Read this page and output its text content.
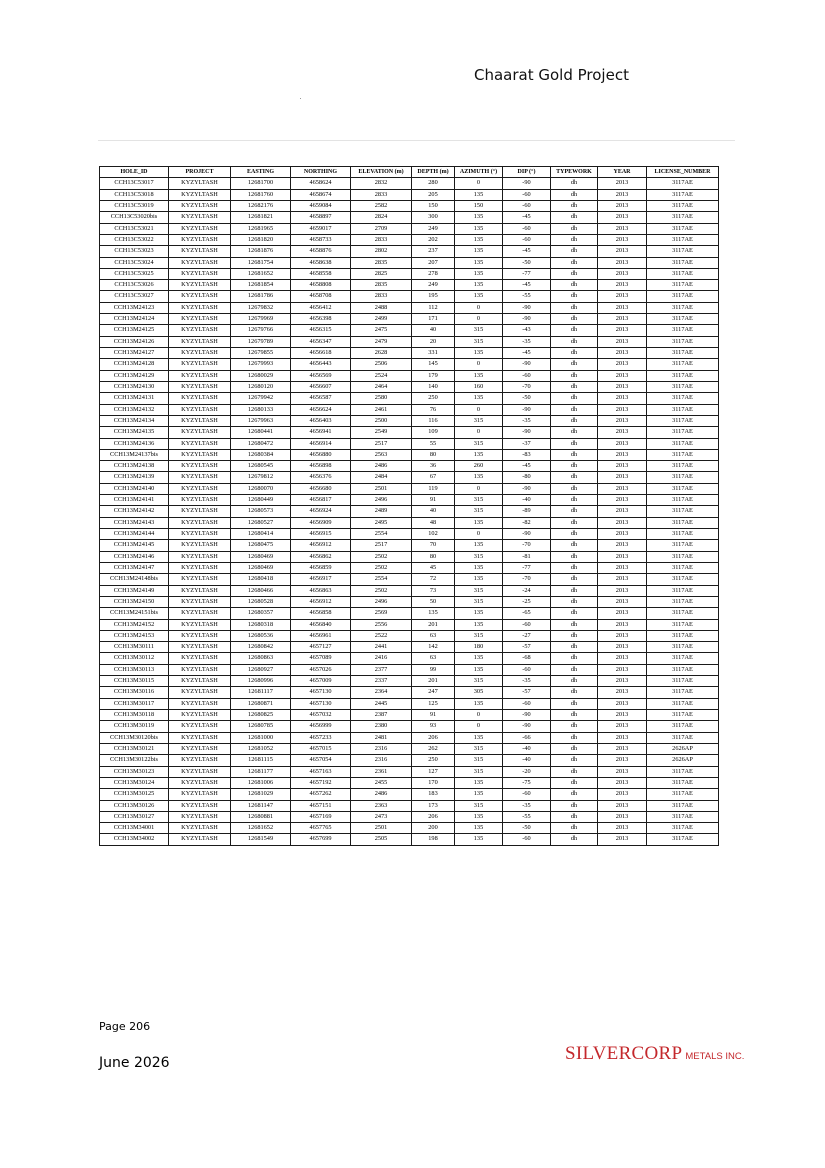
Chaarat Gold Project
HOLE_ID	PROJECT	EASTING	NORTHING	ELEVATION (m)	DEPTH (m)	AZIMUTH (°)	DIP (°)	TYPEWORK	YEAR	LICENSE_NUMBER
CCH13C53017	KYZYLTASH	12681700	4658624	2832	280	0	-90	dh	2013	3117AE
CCH13C53018	KYZYLTASH	12681760	4658674	2833	205	135	-60	dh	2013	3117AE
CCH13C53019	KYZYLTASH	12682176	4659084	2582	150	150	-60	dh	2013	3117AE
CCH13C53020bis	KYZYLTASH	12681821	4658897	2824	300	135	-45	dh	2013	3117AE
CCH13C53021	KYZYLTASH	12681965	4659017	2709	249	135	-60	dh	2013	3117AE
CCH13C53022	KYZYLTASH	12681820	4658733	2833	202	135	-60	dh	2013	3117AE
CCH13C53023	KYZYLTASH	12681876	4658876	2802	237	135	-45	dh	2013	3117AE
CCH13C53024	KYZYLTASH	12681754	4658638	2835	207	135	-50	dh	2013	3117AE
CCH13C53025	KYZYLTASH	12681652	4658558	2825	278	135	-77	dh	2013	3117AE
CCH13C53026	KYZYLTASH	12681854	4658808	2835	249	135	-45	dh	2013	3117AE
CCH13C53027	KYZYLTASH	12681786	4658708	2833	195	135	-55	dh	2013	3117AE
CCH13M24123	KYZYLTASH	12679832	4656412	2488	112	0	-90	dh	2013	3117AE
CCH13M24124	KYZYLTASH	12679969	4656398	2499	171	0	-90	dh	2013	3117AE
CCH13M24125	KYZYLTASH	12679766	4656315	2475	40	315	-43	dh	2013	3117AE
CCH13M24126	KYZYLTASH	12679789	4656347	2479	20	315	-35	dh	2013	3117AE
CCH13M24127	KYZYLTASH	12679855	4656618	2628	331	135	-45	dh	2013	3117AE
CCH13M24128	KYZYLTASH	12679993	4656443	2506	145	0	-90	dh	2013	3117AE
CCH13M24129	KYZYLTASH	12680029	4656569	2524	179	135	-60	dh	2013	3117AE
CCH13M24130	KYZYLTASH	12680120	4656607	2464	140	160	-70	dh	2013	3117AE
CCH13M24131	KYZYLTASH	12679942	4656587	2580	250	135	-50	dh	2013	3117AE
CCH13M24132	KYZYLTASH	12680133	4656624	2461	76	0	-90	dh	2013	3117AE
CCH13M24134	KYZYLTASH	12679963	4656403	2500	116	315	-35	dh	2013	3117AE
CCH13M24135	KYZYLTASH	12680441	4656941	2549	109	0	-90	dh	2013	3117AE
CCH13M24136	KYZYLTASH	12680472	4656914	2517	55	315	-37	dh	2013	3117AE
CCH13M24137bis	KYZYLTASH	12680384	4656880	2563	80	135	-83	dh	2013	3117AE
CCH13M24138	KYZYLTASH	12680545	4656898	2486	36	260	-45	dh	2013	3117AE
CCH13M24139	KYZYLTASH	12679812	4656376	2484	67	135	-80	dh	2013	3117AE
CCH13M24140	KYZYLTASH	12680070	4656680	2501	119	0	-90	dh	2013	3117AE
CCH13M24141	KYZYLTASH	12680449	4656817	2496	91	315	-40	dh	2013	3117AE
CCH13M24142	KYZYLTASH	12680573	4656924	2489	40	315	-89	dh	2013	3117AE
CCH13M24143	KYZYLTASH	12680527	4656909	2495	48	135	-82	dh	2013	3117AE
CCH13M24144	KYZYLTASH	12680414	4656915	2554	102	0	-90	dh	2013	3117AE
CCH13M24145	KYZYLTASH	12680475	4656912	2517	70	135	-70	dh	2013	3117AE
CCH13M24146	KYZYLTASH	12680469	4656862	2502	80	315	-81	dh	2013	3117AE
CCH13M24147	KYZYLTASH	12680469	4656859	2502	45	135	-77	dh	2013	3117AE
CCH13M24148bis	KYZYLTASH	12680418	4656917	2554	72	135	-70	dh	2013	3117AE
CCH13M24149	KYZYLTASH	12680466	4656863	2502	73	315	-24	dh	2013	3117AE
CCH13M24150	KYZYLTASH	12680528	4656912	2496	50	315	-25	dh	2013	3117AE
CCH13M24151bis	KYZYLTASH	12680357	4656858	2569	135	135	-65	dh	2013	3117AE
CCH13M24152	KYZYLTASH	12680318	4656840	2556	201	135	-60	dh	2013	3117AE
CCH13M24153	KYZYLTASH	12680536	4656961	2522	63	315	-27	dh	2013	3117AE
CCH13M30111	KYZYLTASH	12680842	4657127	2441	142	180	-57	dh	2013	3117AE
CCH13M30112	KYZYLTASH	12680863	4657089	2416	63	135	-68	dh	2013	3117AE
CCH13M30113	KYZYLTASH	12680927	4657026	2377	99	135	-60	dh	2013	3117AE
CCH13M30115	KYZYLTASH	12680996	4657009	2337	201	315	-35	dh	2013	3117AE
CCH13M30116	KYZYLTASH	12681117	4657130	2364	247	305	-57	dh	2013	3117AE
CCH13M30117	KYZYLTASH	12680871	4657130	2445	125	135	-60	dh	2013	3117AE
CCH13M30118	KYZYLTASH	12680825	4657032	2387	91	0	-90	dh	2013	3117AE
CCH13M30119	KYZYLTASH	12680785	4656999	2380	93	0	-90	dh	2013	3117AE
CCH13M30120bis	KYZYLTASH	12681000	4657233	2481	206	135	-66	dh	2013	3117AE
CCH13M30121	KYZYLTASH	12681052	4657015	2316	262	315	-40	dh	2013	2626AP
CCH13M30122bis	KYZYLTASH	12681115	4657054	2316	250	315	-40	dh	2013	2626AP
CCH13M30123	KYZYLTASH	12681177	4657163	2361	127	315	-20	dh	2013	3117AE
CCH13M30124	KYZYLTASH	12681006	4657192	2455	170	135	-75	dh	2013	3117AE
CCH13M30125	KYZYLTASH	12681029	4657262	2486	183	135	-60	dh	2013	3117AE
CCH13M30126	KYZYLTASH	12681147	4657151	2363	173	315	-35	dh	2013	3117AE
CCH13M30127	KYZYLTASH	12680881	4657169	2473	206	135	-55	dh	2013	3117AE
CCH13M34001	KYZYLTASH	12681652	4657765	2501	200	135	-50	dh	2013	3117AE
CCH13M34002	KYZYLTASH	12681549	4657699	2505	198	135	-60	dh	2013	3117AE
Page 206
June 2026	SILVERCORP METALS INC.
